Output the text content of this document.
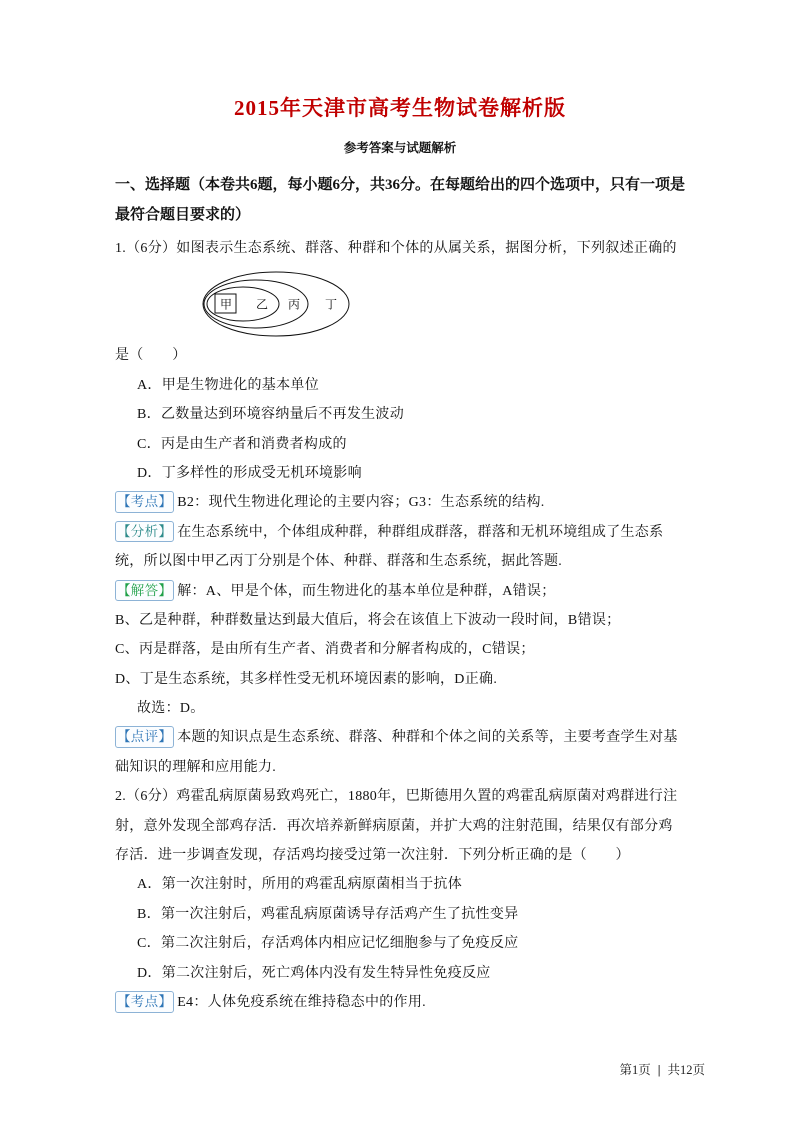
2015年天津市高考生物试卷解析版
参考答案与试题解析

一、选择题（本卷共6题，每小题6分，共36分。在每题给出的四个选项中，只有一项是最符合题目要求的）

1.（6分）如图表示生态系统、群落、种群和个体的从属关系，据图分析，下列叙述正确的

甲 乙 丙 丁

是（　　）

A．甲是生物进化的基本单位

B．乙数量达到环境容纳量后不再发生波动

C．丙是由生产者和消费者构成的

D．丁多样性的形成受无机环境影响

【考点】 B2：现代生物进化理论的主要内容；G3：生态系统的结构.

【分析】 在生态系统中，个体组成种群，种群组成群落，群落和无机环境组成了生态系统，所以图中甲乙丙丁分别是个体、种群、群落和生态系统，据此答题.

【解答】 解：A、甲是个体，而生物进化的基本单位是种群，A错误；

B、乙是种群，种群数量达到最大值后，将会在该值上下波动一段时间，B错误；

C、丙是群落，是由所有生产者、消费者和分解者构成的，C错误；

D、丁是生态系统，其多样性受无机环境因素的影响，D正确.

故选：D。

【点评】 本题的知识点是生态系统、群落、种群和个体之间的关系等，主要考查学生对基础知识的理解和应用能力.

2.（6分）鸡霍乱病原菌易致鸡死亡，1880年，巴斯德用久置的鸡霍乱病原菌对鸡群进行注射，意外发现全部鸡存活．再次培养新鲜病原菌，并扩大鸡的注射范围，结果仅有部分鸡存活．进一步调查发现，存活鸡均接受过第一次注射．下列分析正确的是（　　）

A．第一次注射时，所用的鸡霍乱病原菌相当于抗体

B．第一次注射后，鸡霍乱病原菌诱导存活鸡产生了抗性变异

C．第二次注射后，存活鸡体内相应记忆细胞参与了免疫反应

D．第二次注射后，死亡鸡体内没有发生特异性免疫反应

【考点】 E4：人体免疫系统在维持稳态中的作用.

第1页 | 共12页
